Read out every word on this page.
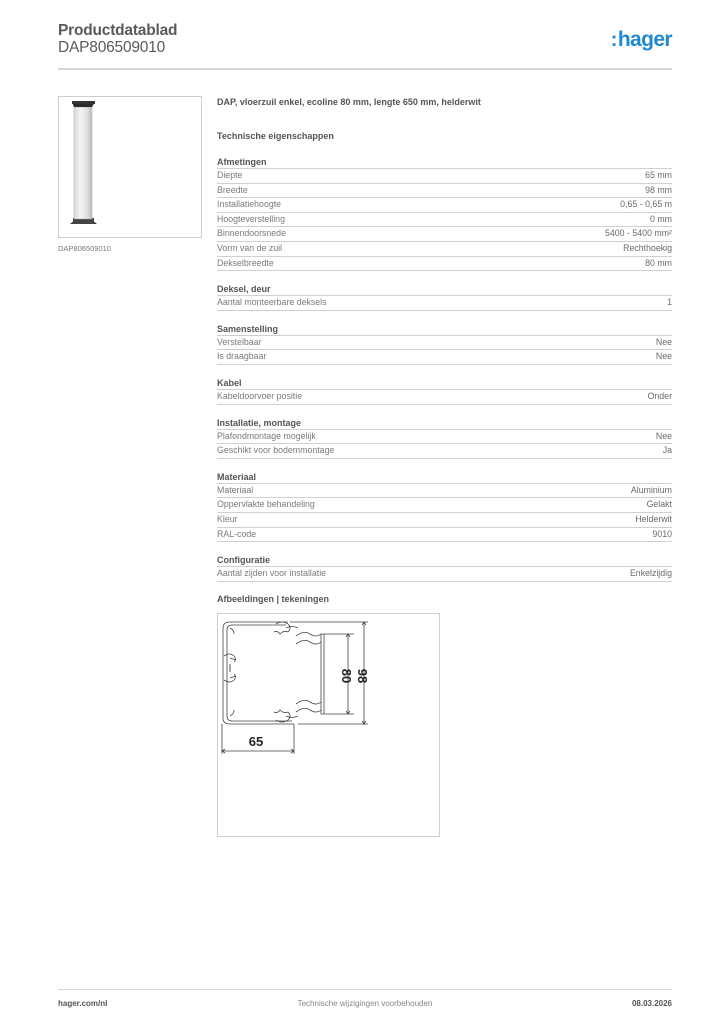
Productdatablad
DAP806509010	:hager
DAP806509010
DAP, vloerzuil enkel, ecoline 80 mm, lengte 650 mm, helderwit
Technische eigenschappen
Afmetingen
Diepte	65 mm
Breedte	98 mm
Installatiehoogte	0,65 - 0,65 m
Hoogteverstelling	0 mm
Binnendoorsnede	5400 - 5400 mm²
Vorm van de zuil	Rechthoekig
Dekselbreedte	80 mm
Deksel, deur
Aantal monteerbare deksels	1
Samenstelling
Verstelbaar	Nee
Is draagbaar	Nee
Kabel
Kabeldoorvoer positie	Onder
Installatie, montage
Plafondmontage mogelijk	Nee
Geschikt voor bodemmontage	Ja
Materiaal
Materiaal	Aluminium
Oppervlakte behandeling	Gelakt
Kleur	Helderwit
RAL-code	9010
Configuratie
Aantal zijden voor installatie	Enkelzijdig
Afbeeldingen | tekeningen
80 98
65
hager.com/nl	Technische wijzigingen voorbehouden	08.03.2026
